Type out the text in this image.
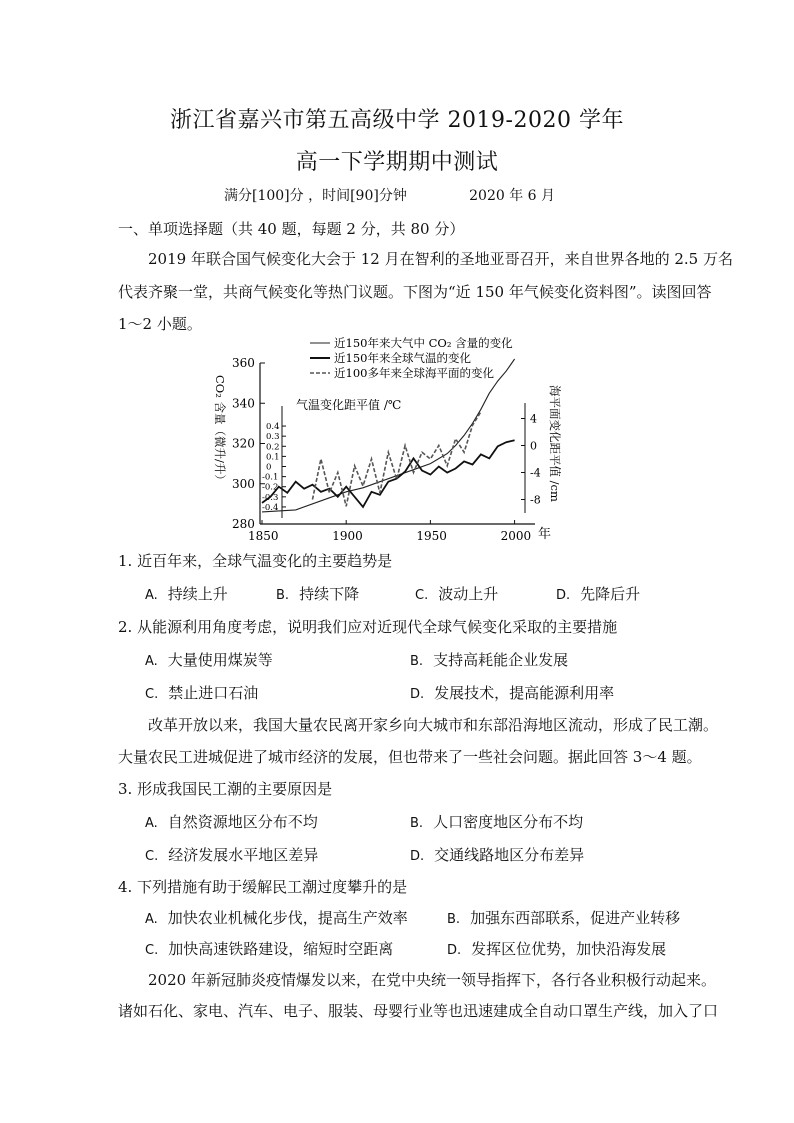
浙江省嘉兴市第五高级中学 2019-2020 学年
高一下学期期中测试
满分[100]分 ，时间[90]分钟              2020 年 6 月
一、单项选择题（共 40 题，每题 2 分，共 80 分）
2019 年联合国气候变化大会于 12 月在智利的圣地亚哥召开，来自世界各地的 2.5 万名
代表齐聚一堂，共商气候变化等热门议题。下图为“近 150 年气候变化资料图”。读图回答
1～2 小题。
近150年来大气中 CO₂ 含量的变化
近150年来全球气温的变化
近100多年来全球海平面的变化
气温变化距平值 /℃
CO₂ 含量（微升/升）	海平面变化距平值 /cm
年
1850	1900	1950	2000
280
300
320
340
360
0.4
0.3
0.2
0.1
0
-0.1
-0.2
-0.3
-0.4
4
0
-4
-8
1. 近百年来，全球气温变化的主要趋势是
A. 持续上升	B. 持续下降	C. 波动上升	D. 先降后升
2. 从能源利用角度考虑，说明我们应对近现代全球气候变化采取的主要措施
A. 大量使用煤炭等	B. 支持高耗能企业发展
C. 禁止进口石油	D. 发展技术，提高能源利用率
改革开放以来，我国大量农民离开家乡向大城市和东部沿海地区流动，形成了民工潮。
大量农民工进城促进了城市经济的发展，但也带来了一些社会问题。据此回答 3～4 题。
3. 形成我国民工潮的主要原因是
A. 自然资源地区分布不均	B. 人口密度地区分布不均
C. 经济发展水平地区差异	D. 交通线路地区分布差异
4. 下列措施有助于缓解民工潮过度攀升的是
A. 加快农业机械化步伐，提高生产效率	B. 加强东西部联系，促进产业转移
C. 加快高速铁路建设，缩短时空距离	D. 发挥区位优势，加快沿海发展
2020 年新冠肺炎疫情爆发以来，在党中央统一领导指挥下，各行各业积极行动起来。
诸如石化、家电、汽车、电子、服装、母婴行业等也迅速建成全自动口罩生产线，加入了口
